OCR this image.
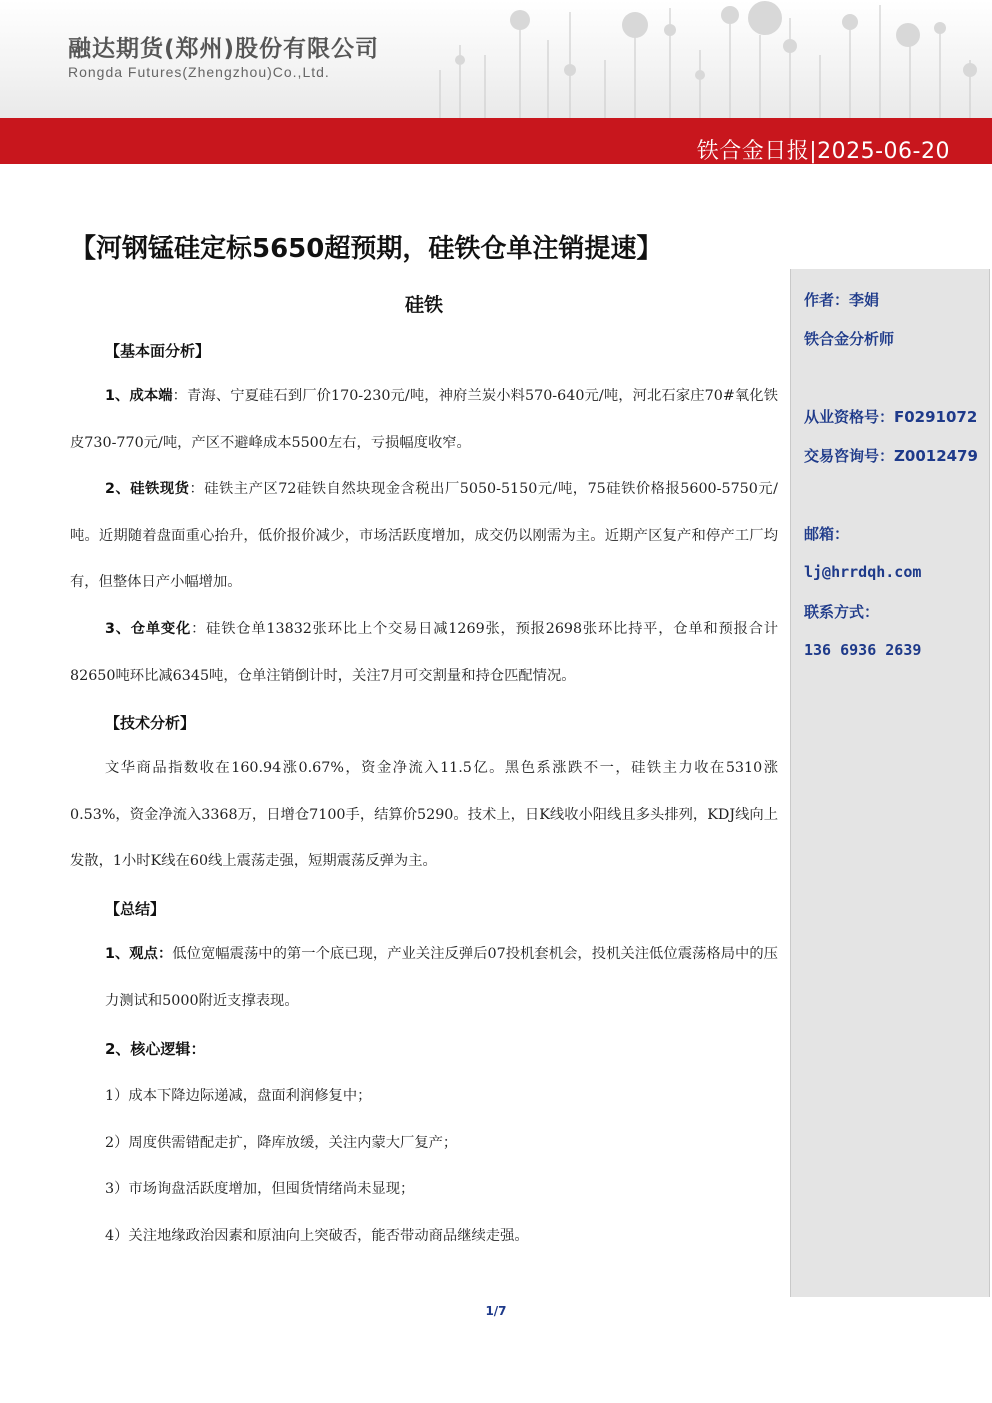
融达期货(郑州)股份有限公司
Rongda Futures(Zhengzhou)Co.,Ltd.
铁合金日报|2025-06-20
【河钢锰硅定标5650超预期，硅铁仓单注销提速】
硅铁
【基本面分析】
1、成本端：青海、宁夏硅石到厂价170-230元/吨，神府兰炭小料570-640元/吨，河北石家庄70#氧化铁皮730-770元/吨，产区不避峰成本5500左右，亏损幅度收窄。
2、硅铁现货：硅铁主产区72硅铁自然块现金含税出厂5050-5150元/吨，75硅铁价格报5600-5750元/吨。近期随着盘面重心抬升，低价报价减少，市场活跃度增加，成交仍以刚需为主。近期产区复产和停产工厂均有，但整体日产小幅增加。
3、仓单变化：硅铁仓单13832张环比上个交易日减1269张，预报2698张环比持平，仓单和预报合计82650吨环比减6345吨，仓单注销倒计时，关注7月可交割量和持仓匹配情况。
【技术分析】
文华商品指数收在160.94涨0.67%，资金净流入11.5亿。黑色系涨跌不一，硅铁主力收在5310涨0.53%，资金净流入3368万，日增仓7100手，结算价5290。技术上，日K线收小阳线且多头排列，KDJ线向上发散，1小时K线在60线上震荡走强，短期震荡反弹为主。
【总结】
1、观点：低位宽幅震荡中的第一个底已现，产业关注反弹后07投机套机会，投机关注低位震荡格局中的压力测试和5000附近支撑表现。
2、核心逻辑：
1）成本下降边际递减，盘面利润修复中；
2）周度供需错配走扩，降库放缓，关注内蒙大厂复产；
3）市场询盘活跃度增加，但囤货情绪尚未显现；
4）关注地缘政治因素和原油向上突破否，能否带动商品继续走强。
作者：李娟
铁合金分析师
从业资格号：F0291072
交易咨询号：Z0012479
邮箱：
lj@hrrdqh.com
联系方式：
136 6936 2639
1/7
